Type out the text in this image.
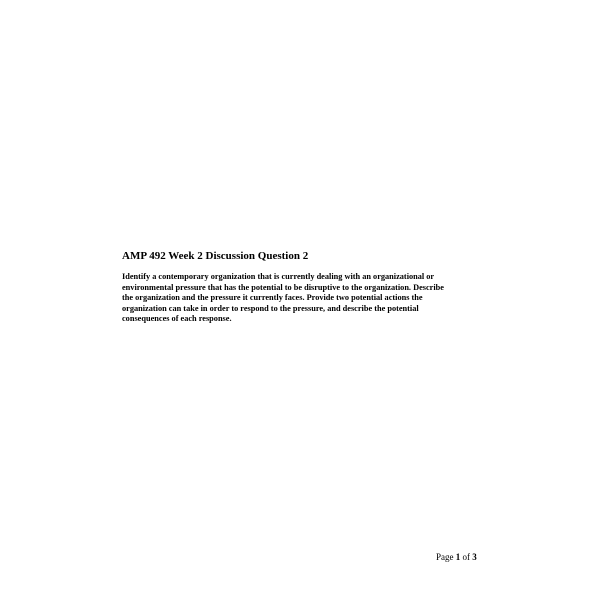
AMP 492 Week 2 Discussion Question 2

Identify a contemporary organization that is currently dealing with an organizational or
environmental pressure that has the potential to be disruptive to the organization. Describe
the organization and the pressure it currently faces. Provide two potential actions the
organization can take in order to respond to the pressure, and describe the potential
consequences of each response.

Page 1 of 3
